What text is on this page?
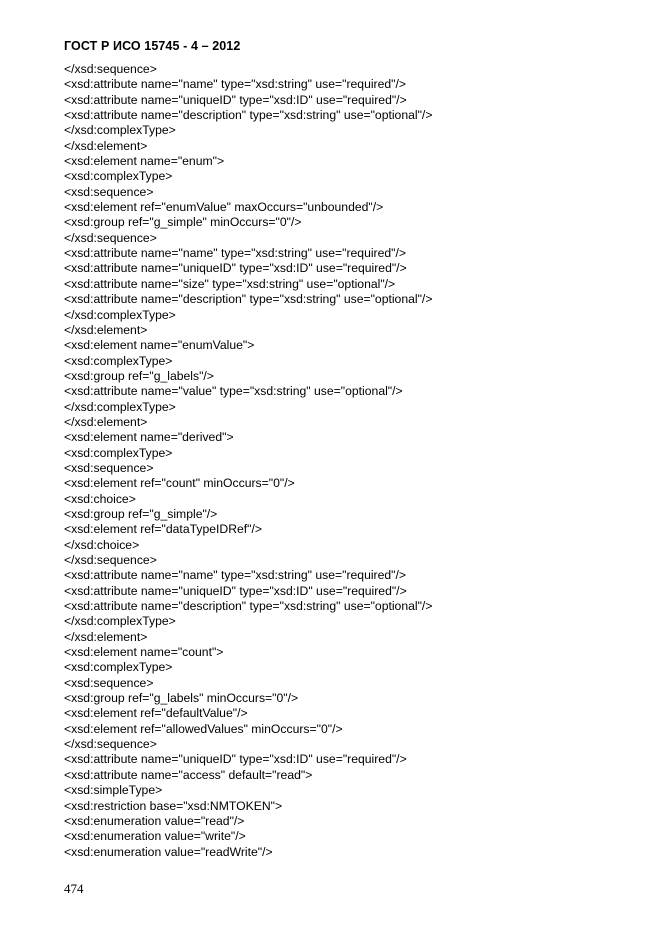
ГОСТ Р ИСО 15745 - 4 – 2012
</xsd:sequence>
<xsd:attribute name="name" type="xsd:string" use="required"/>
<xsd:attribute name="uniqueID" type="xsd:ID" use="required"/>
<xsd:attribute name="description" type="xsd:string" use="optional"/>
</xsd:complexType>
</xsd:element>
<xsd:element name="enum">
<xsd:complexType>
<xsd:sequence>
<xsd:element ref="enumValue" maxOccurs="unbounded"/>
<xsd:group ref="g_simple" minOccurs="0"/>
</xsd:sequence>
<xsd:attribute name="name" type="xsd:string" use="required"/>
<xsd:attribute name="uniqueID" type="xsd:ID" use="required"/>
<xsd:attribute name="size" type="xsd:string" use="optional"/>
<xsd:attribute name="description" type="xsd:string" use="optional"/>
</xsd:complexType>
</xsd:element>
<xsd:element name="enumValue">
<xsd:complexType>
<xsd:group ref="g_labels"/>
<xsd:attribute name="value" type="xsd:string" use="optional"/>
</xsd:complexType>
</xsd:element>
<xsd:element name="derived">
<xsd:complexType>
<xsd:sequence>
<xsd:element ref="count" minOccurs="0"/>
<xsd:choice>
<xsd:group ref="g_simple"/>
<xsd:element ref="dataTypeIDRef"/>
</xsd:choice>
</xsd:sequence>
<xsd:attribute name="name" type="xsd:string" use="required"/>
<xsd:attribute name="uniqueID" type="xsd:ID" use="required"/>
<xsd:attribute name="description" type="xsd:string" use="optional"/>
</xsd:complexType>
</xsd:element>
<xsd:element name="count">
<xsd:complexType>
<xsd:sequence>
<xsd:group ref="g_labels" minOccurs="0"/>
<xsd:element ref="defaultValue"/>
<xsd:element ref="allowedValues" minOccurs="0"/>
</xsd:sequence>
<xsd:attribute name="uniqueID" type="xsd:ID" use="required"/>
<xsd:attribute name="access" default="read">
<xsd:simpleType>
<xsd:restriction base="xsd:NMTOKEN">
<xsd:enumeration value="read"/>
<xsd:enumeration value="write"/>
<xsd:enumeration value="readWrite"/>
474
